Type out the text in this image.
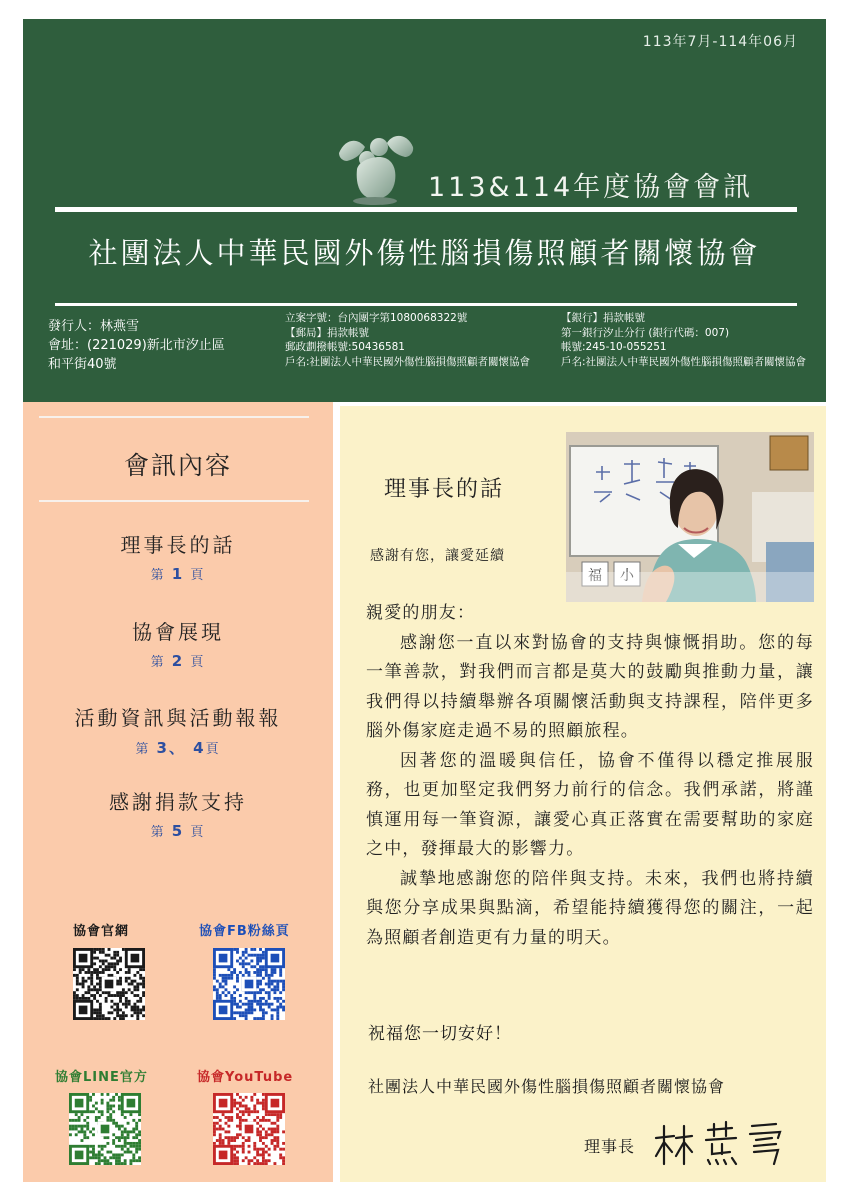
113年7月-114年06月
113&114年度協會會訊
社團法人中華民國外傷性腦損傷照顧者關懷協會
發行人：林燕雪
會址：(221029)新北市汐止區
和平街40號
立案字號：台內團字第1080068322號
【郵局】捐款帳號
郵政劃撥帳號:50436581
戶名:社團法人中華民國外傷性腦損傷照顧者關懷協會
【銀行】捐款帳號
第一銀行汐止分行 (銀行代碼：007)
帳號:245-10-055251
戶名:社團法人中華民國外傷性腦損傷照顧者關懷協會
會訊內容
理事長的話
第 1 頁
協會展現
第 2 頁
活動資訊與活動報報
第 3、 4頁
感謝捐款支持
第 5 頁
協會官網	協會FB粉絲頁
協會LINE官方	協會YouTube
福 小
理事長的話
感謝有您，讓愛延續

親愛的朋友：

感謝您一直以來對協會的支持與慷慨捐助。您的每一筆善款，對我們而言都是莫大的鼓勵與推動力量，讓我們得以持續舉辦各項關懷活動與支持課程，陪伴更多腦外傷家庭走過不易的照顧旅程。

因著您的溫暖與信任，協會不僅得以穩定推展服務，也更加堅定我們努力前行的信念。我們承諾，將謹慎運用每一筆資源，讓愛心真正落實在需要幫助的家庭之中，發揮最大的影響力。

誠摯地感謝您的陪伴與支持。未來，我們也將持續與您分享成果與點滴，希望能持續獲得您的關注，一起為照顧者創造更有力量的明天。

祝福您一切安好！
社團法人中華民國外傷性腦損傷照顧者關懷協會
理事長
